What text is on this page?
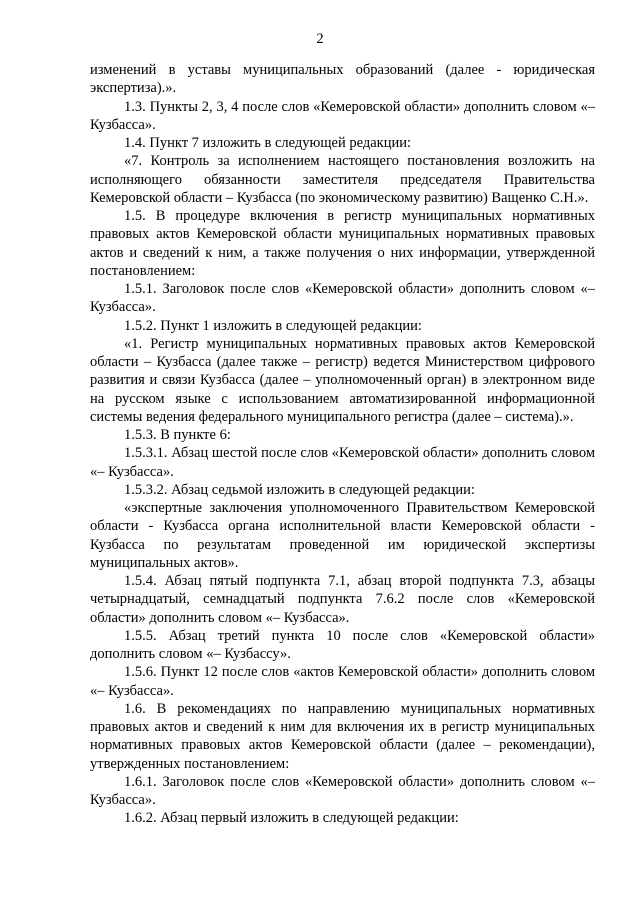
2

изменений в уставы муниципальных образований (далее - юридическая экспертиза).».

1.3. Пункты 2, 3, 4 после слов «Кемеровской области» дополнить словом «– Кузбасса».

1.4. Пункт 7 изложить в следующей редакции:

«7. Контроль за исполнением настоящего постановления возложить на исполняющего обязанности заместителя председателя Правительства Кемеровской области – Кузбасса (по экономическому развитию) Ващенко С.Н.».

1.5. В процедуре включения в регистр муниципальных нормативных правовых актов Кемеровской области муниципальных нормативных правовых актов и сведений к ним, а также получения о них информации, утвержденной постановлением:

1.5.1. Заголовок после слов «Кемеровской области» дополнить словом «– Кузбасса».

1.5.2. Пункт 1 изложить в следующей редакции:

«1. Регистр муниципальных нормативных правовых актов Кемеровской области – Кузбасса (далее также – регистр) ведется Министерством цифрового развития и связи Кузбасса (далее – уполномоченный орган) в электронном виде на русском языке с использованием автоматизированной информационной системы ведения федерального муниципального регистра (далее – система).».

1.5.3. В пункте 6:

1.5.3.1. Абзац шестой после слов «Кемеровской области» дополнить словом «– Кузбасса».

1.5.3.2. Абзац седьмой изложить в следующей редакции:

«экспертные заключения уполномоченного Правительством Кемеровской области - Кузбасса органа исполнительной власти Кемеровской области - Кузбасса по результатам проведенной им юридической экспертизы муниципальных актов».

1.5.4. Абзац пятый подпункта 7.1, абзац второй подпункта 7.3, абзацы четырнадцатый, семнадцатый подпункта 7.6.2 после слов «Кемеровской области» дополнить словом «– Кузбасса».

1.5.5. Абзац третий пункта 10 после слов «Кемеровской области» дополнить словом «– Кузбассу».

1.5.6. Пункт 12 после слов «актов Кемеровской области» дополнить словом «– Кузбасса».

1.6. В рекомендациях по направлению муниципальных нормативных правовых актов и сведений к ним для включения их в регистр муниципальных нормативных правовых актов Кемеровской области (далее – рекомендации), утвержденных постановлением:

1.6.1. Заголовок после слов «Кемеровской области» дополнить словом «– Кузбасса».

1.6.2. Абзац первый изложить в следующей редакции:
